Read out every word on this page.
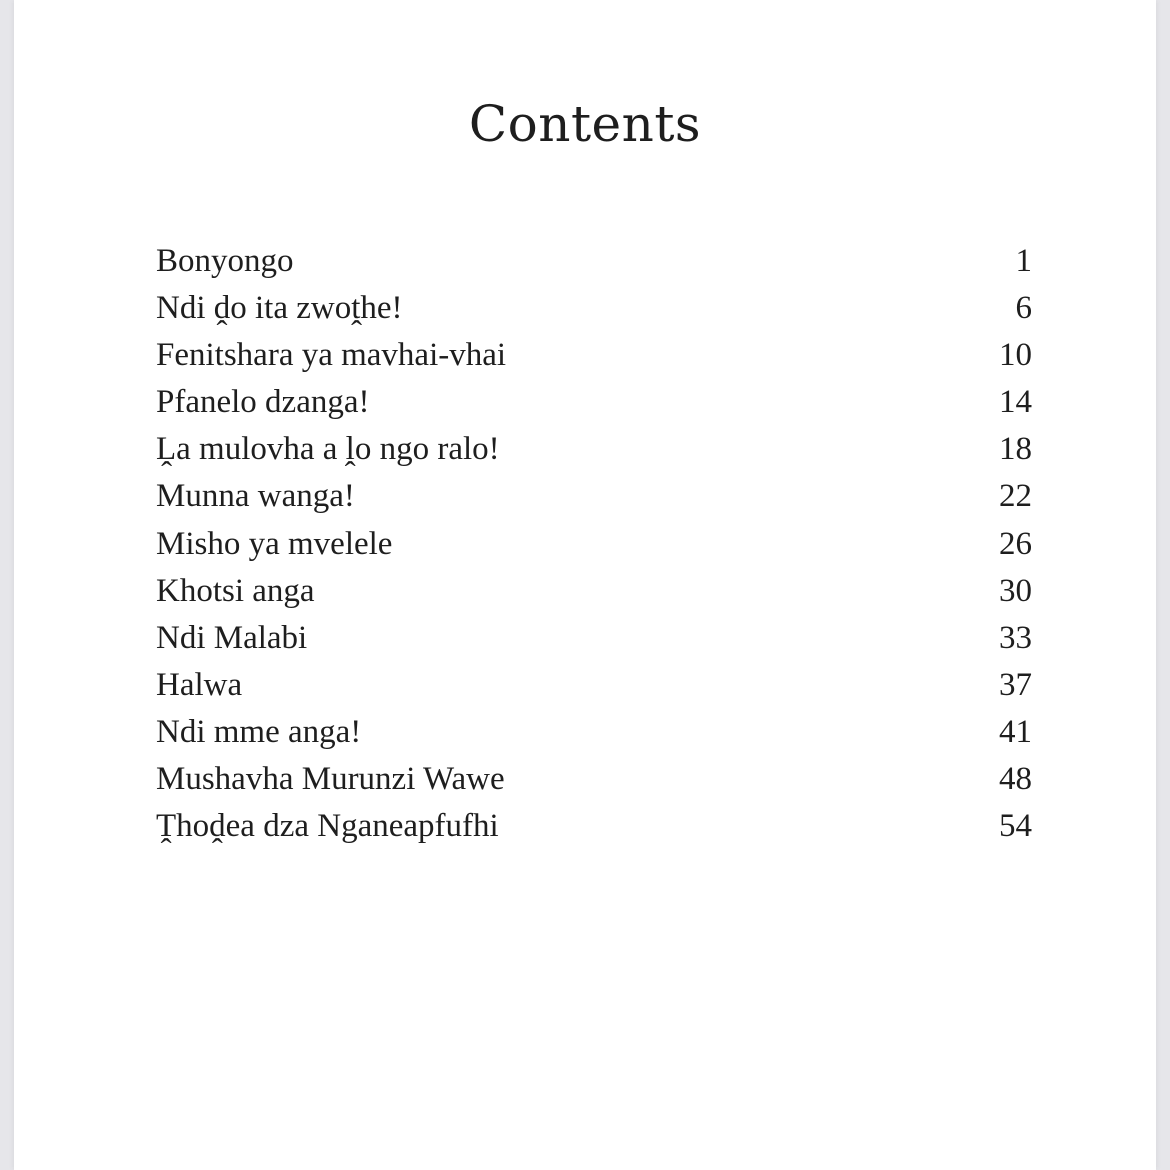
Contents
Bonyongo	1
Ndi ḓo ita zwoṱhe!	6
Fenitshara ya mavhai-vhai	10
Pfanelo dzanga!	14
Ḽa mulovha a ḽo ngo ralo!	18
Munna wanga!	22
Misho ya mvelele	26
Khotsi anga	30
Ndi Malabi	33
Halwa	37
Ndi mme anga!	41
Mushavha Murunzi Wawe	48
Ṱhoḓea dza Nganeapfufhi	54
